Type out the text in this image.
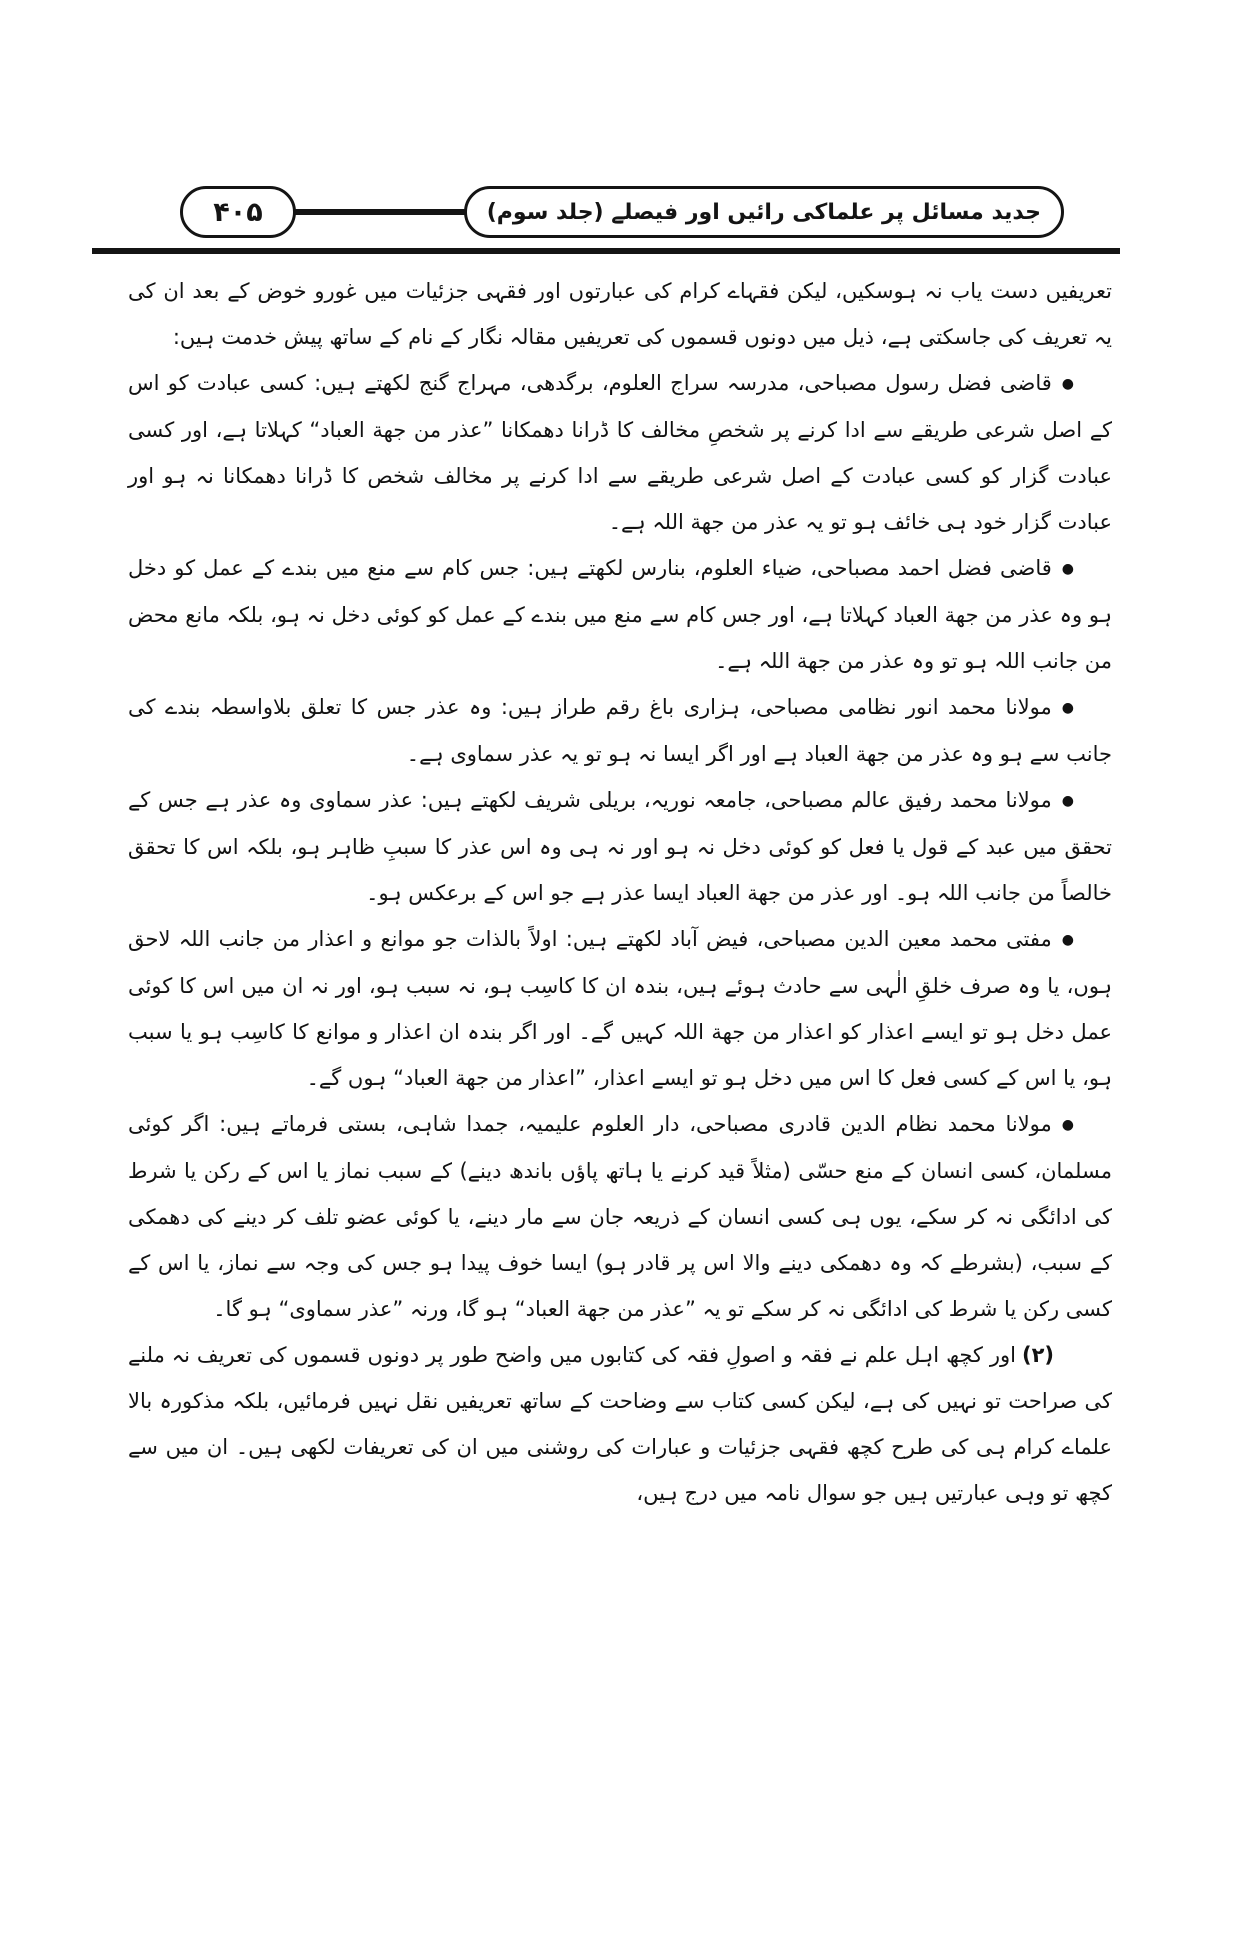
۴۰۵	جدید مسائل پر علماکی رائیں اور فیصلے (جلد سوم)

تعریفیں دست یاب نہ ہوسکیں، لیکن فقہاے کرام کی عبارتوں اور فقہی جزئیات میں غورو خوض کے بعد ان کی یہ تعریف کی جاسکتی ہے، ذیل میں دونوں قسموں کی تعریفیں مقالہ نگار کے نام کے ساتھ پیش خدمت ہیں:

●قاضی فضل رسول مصباحی، مدرسہ سراج العلوم، برگدھی، مہراج گنج لکھتے ہیں: کسی عبادت کو اس کے اصل شرعی طریقے سے ادا کرنے پر شخصِ مخالف کا ڈرانا دھمکانا ”عذر من جهة العباد“ کہلاتا ہے، اور کسی عبادت گزار کو کسی عبادت کے اصل شرعی طریقے سے ادا کرنے پر مخالف شخص کا ڈرانا دھمکانا نہ ہو اور عبادت گزار خود ہی خائف ہو تو یہ عذر من جهة اللہ ہے۔

●قاضی فضل احمد مصباحی، ضیاء العلوم، بنارس لکھتے ہیں: جس کام سے منع میں بندے کے عمل کو دخل ہو وہ عذر من جهة العباد کہلاتا ہے، اور جس کام سے منع میں بندے کے عمل کو کوئی دخل نہ ہو، بلکہ مانع محض من جانب اللہ ہو تو وہ عذر من جهة اللہ ہے۔

●مولانا محمد انور نظامی مصباحی، ہزاری باغ رقم طراز ہیں: وہ عذر جس کا تعلق بلاواسطہ بندے کی جانب سے ہو وہ عذر من جهة العباد ہے اور اگر ایسا نہ ہو تو یہ عذر سماوی ہے۔

●مولانا محمد رفیق عالم مصباحی، جامعہ نوریہ، بریلی شریف لکھتے ہیں: عذر سماوی وہ عذر ہے جس کے تحقق میں عبد کے قول یا فعل کو کوئی دخل نہ ہو اور نہ ہی وہ اس عذر کا سببِ ظاہر ہو، بلکہ اس کا تحقق خالصاً من جانب اللہ ہو۔ اور عذر من جهة العباد ایسا عذر ہے جو اس کے برعکس ہو۔

●مفتی محمد معین الدین مصباحی، فیض آباد لکھتے ہیں: اولاً بالذات جو موانع و اعذار من جانب اللہ لاحق ہوں، یا وہ صرف خلقِ الٰہی سے حادث ہوئے ہیں، بندہ ان کا کاسِب ہو، نہ سبب ہو، اور نہ ان میں اس کا کوئی عمل دخل ہو تو ایسے اعذار کو اعذار من جهة اللہ کہیں گے۔ اور اگر بندہ ان اعذار و موانع کا کاسِب ہو یا سبب ہو، یا اس کے کسی فعل کا اس میں دخل ہو تو ایسے اعذار، ”اعذار من جهة العباد“ ہوں گے۔

●مولانا محمد نظام الدین قادری مصباحی، دار العلوم علیمیہ، جمدا شاہی، بستی فرماتے ہیں: اگر کوئی مسلمان، کسی انسان کے منع حسّی (مثلاً قید کرنے یا ہاتھ پاؤں باندھ دینے) کے سبب نماز یا اس کے رکن یا شرط کی ادائگی نہ کر سکے، یوں ہی کسی انسان کے ذریعہ جان سے مار دینے، یا کوئی عضو تلف کر دینے کی دھمکی کے سبب، (بشرطے کہ وہ دھمکی دینے والا اس پر قادر ہو) ایسا خوف پیدا ہو جس کی وجہ سے نماز، یا اس کے کسی رکن یا شرط کی ادائگی نہ کر سکے تو یہ ”عذر من جهة العباد“ ہو گا، ورنہ ”عذر سماوی“ ہو گا۔

(۲)اور کچھ اہل علم نے فقہ و اصولِ فقہ کی کتابوں میں واضح طور پر دونوں قسموں کی تعریف نہ ملنے کی صراحت تو نہیں کی ہے، لیکن کسی کتاب سے وضاحت کے ساتھ تعریفیں نقل نہیں فرمائیں، بلکہ مذکورہ بالا علماے کرام ہی کی طرح کچھ فقہی جزئیات و عبارات کی روشنی میں ان کی تعریفات لکھی ہیں۔ ان میں سے کچھ تو وہی عبارتیں ہیں جو سوال نامہ میں درج ہیں،
